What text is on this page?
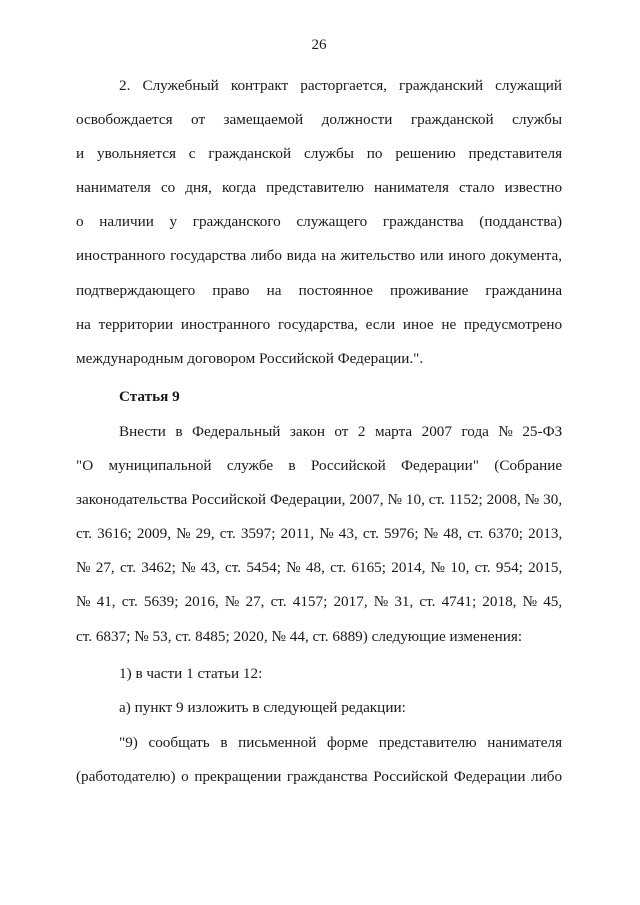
26
2. Служебный контракт расторгается, гражданский служащий
освобождается от замещаемой должности гражданской службы
и увольняется с гражданской службы по решению представителя
нанимателя со дня, когда представителю нанимателя стало известно
о наличии у гражданского служащего гражданства (подданства)
иностранного государства либо вида на жительство или иного документа,
подтверждающего право на постоянное проживание гражданина
на территории иностранного государства, если иное не предусмотрено
международным договором Российской Федерации.".
Статья 9
Внести в Федеральный закон от 2 марта 2007 года № 25-ФЗ
"О муниципальной службе в Российской Федерации" (Собрание
законодательства Российской Федерации, 2007, № 10, ст. 1152; 2008, № 30,
ст. 3616; 2009, № 29, ст. 3597; 2011, № 43, ст. 5976; № 48, ст. 6370; 2013,
№ 27, ст. 3462; № 43, ст. 5454; № 48, ст. 6165; 2014, № 10, ст. 954; 2015,
№ 41, ст. 5639; 2016, № 27, ст. 4157; 2017, № 31, ст. 4741; 2018, № 45,
ст. 6837; № 53, ст. 8485; 2020, № 44, ст. 6889) следующие изменения:
1) в части 1 статьи 12:
а) пункт 9 изложить в следующей редакции:
"9) сообщать в письменной форме представителю нанимателя
(работодателю) о прекращении гражданства Российской Федерации либо
